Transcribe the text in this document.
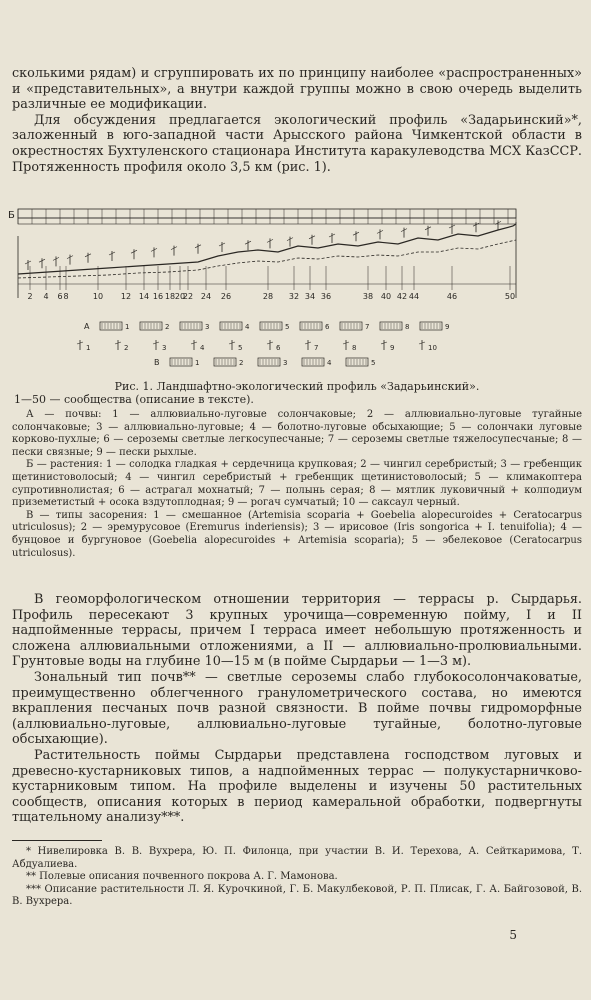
сколькими рядам) и сгруппировать их по принципу наиболее «распространенных» и «представительных», а внутри каждой группы можно в свою очередь выделить различные ее модификации.

Для обсуждения предлагается экологический профиль «Задарьинский»*, заложенный в юго-западной части Арысского района Чимкентской области в окрестностях Бухтуленского стационара Института каракулеводства МСХ КазССР. Протяженность профиля около 3,5 км (рис. 1).

Б
2 4 6 8	10 12 14 16 18 20
22 24 26	28 32 34 36	38 40 42 44	46	50
А	1	2	3	4	5	6	7	8	9
1	2	3	4	5	6	7	8	9	10
В	1	2	3	4	5

Рис. 1. Ландшафтно-экологический профиль «Задарьинский».

1—50 — сообщества (описание в тексте).

А — почвы: 1 — аллювиально-луговые солончаковые; 2 — аллювиально-луговые тугайные солончаковые; 3 — аллювиально-луговые; 4 — болотно-луговые обсыхающие; 5 — солончаки луговые корково-пухлые; 6 — сероземы светлые легкосупесчаные; 7 — сероземы светлые тяжелосупесчаные; 8 — пески связные; 9 — пески рыхлые.

Б — растения: 1 — солодка гладкая + сердечница крупковая; 2 — чингил серебристый; 3 — гребенщик щетинистоволосый; 4 — чингил серебристый + гребенщик щетинистоволосый; 5 — климакоптера супротивнолистая; 6 — астрагал мохнатый; 7 — полынь серая; 8 — мятлик луковичный + колподиум приземетистый + осока вздутоплодная; 9 — рогач сумчатый; 10 — саксаул черный.

В — типы засорения: 1 — смешанное (Artemisia scoparia + Goebelia alopecuroides + Ceratocarpus utriculosus); 2 — эремурусовое (Eremurus inderiensis); 3 — ирисовое (Iris songorica + I. tenuifolia); 4 — бунцовое и бургуновое (Goebelia alopecuroides + Artemisia scoparia); 5 — эбелековое (Ceratocarpus utriculosus).

В геоморфологическом отношении территория — террасы р. Сырдарья. Профиль пересекают 3 крупных урочища—современную пойму, I и II надпойменные террасы, причем I терраса имеет небольшую протяженность и сложена аллювиальными отложениями, а II — аллювиально-пролювиальными. Грунтовые воды на глубине 10—15 м (в пойме Сырдарьи — 1—3 м).

Зональный тип почв** — светлые сероземы слабо глубокосолончаковатые, преимущественно облегченного гранулометрического состава, но имеются вкрапления песчаных почв разной связности. В пойме почвы гидроморфные (аллювиально-луговые, аллювиально-луговые тугайные, болотно-луговые обсыхающие).

Растительность поймы Сырдарьи представлена господством луговых и древесно-кустарниковых типов, а надпойменных террас — полукустарничково-кустарниковым типом. На профиле выделены и изучены 50 растительных сообществ, описания которых в период камеральной обработки, подвергнуты тщательному анализу***.

* Нивелировка В. В. Вухрера, Ю. П. Филонца, при участии В. И. Терехова, А. Сейткаримова, Т. Абдуалиева.

** Полевые описания почвенного покрова А. Г. Мамонова.

*** Описание растительности Л. Я. Курочкиной, Г. Б. Макулбековой, Р. П. Плисак, Г. А. Байгозовой, В. В. Вухрера.

5
